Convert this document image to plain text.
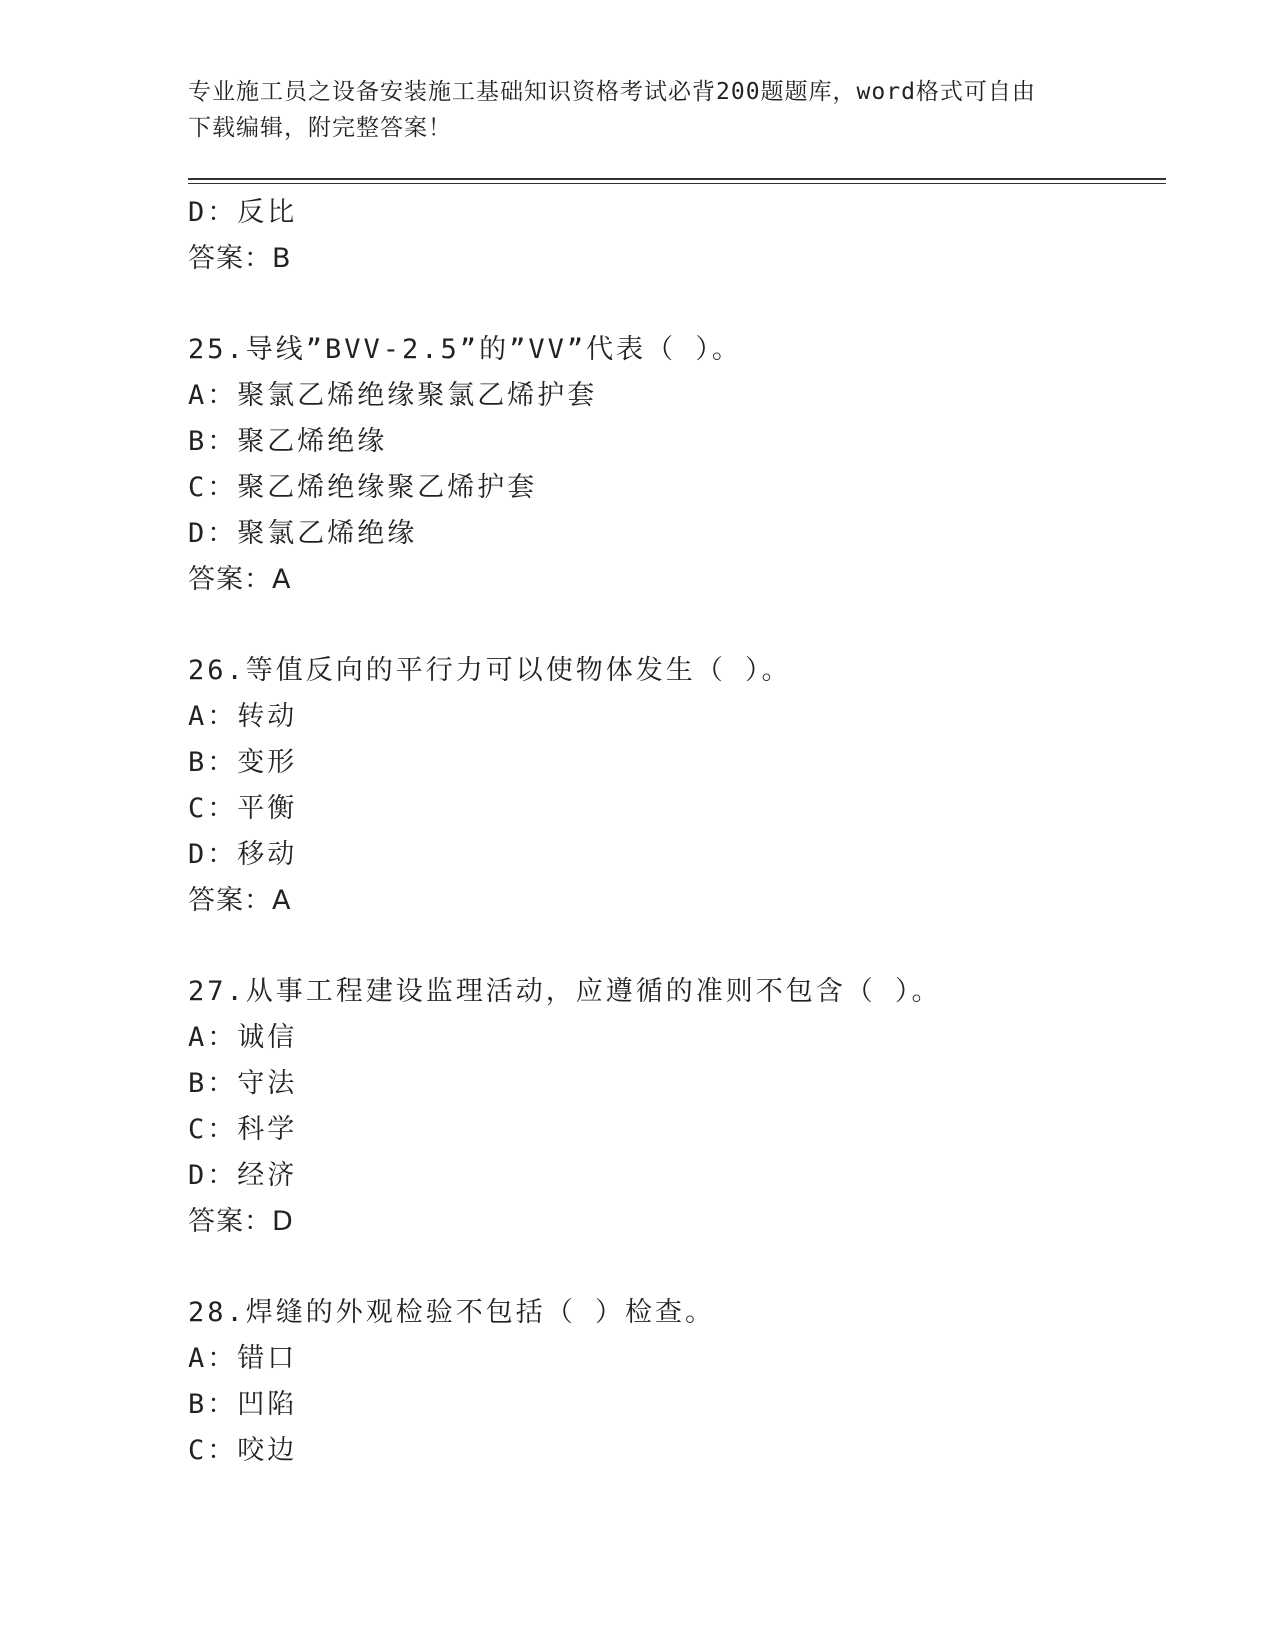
专业施工员之设备安装施工基础知识资格考试必背200题题库，word格式可自由
下载编辑，附完整答案！
D：反比
答案：B
25.导线”BVV-2.5”的”VV”代表（ ）。
A：聚氯乙烯绝缘聚氯乙烯护套
B：聚乙烯绝缘
C：聚乙烯绝缘聚乙烯护套
D：聚氯乙烯绝缘
答案：A
26.等值反向的平行力可以使物体发生（ ）。
A：转动
B：变形
C：平衡
D：移动
答案：A
27.从事工程建设监理活动，应遵循的准则不包含（ ）。
A：诚信
B：守法
C：科学
D：经济
答案：D
28.焊缝的外观检验不包括（ ）检查。
A：错口
B：凹陷
C：咬边
